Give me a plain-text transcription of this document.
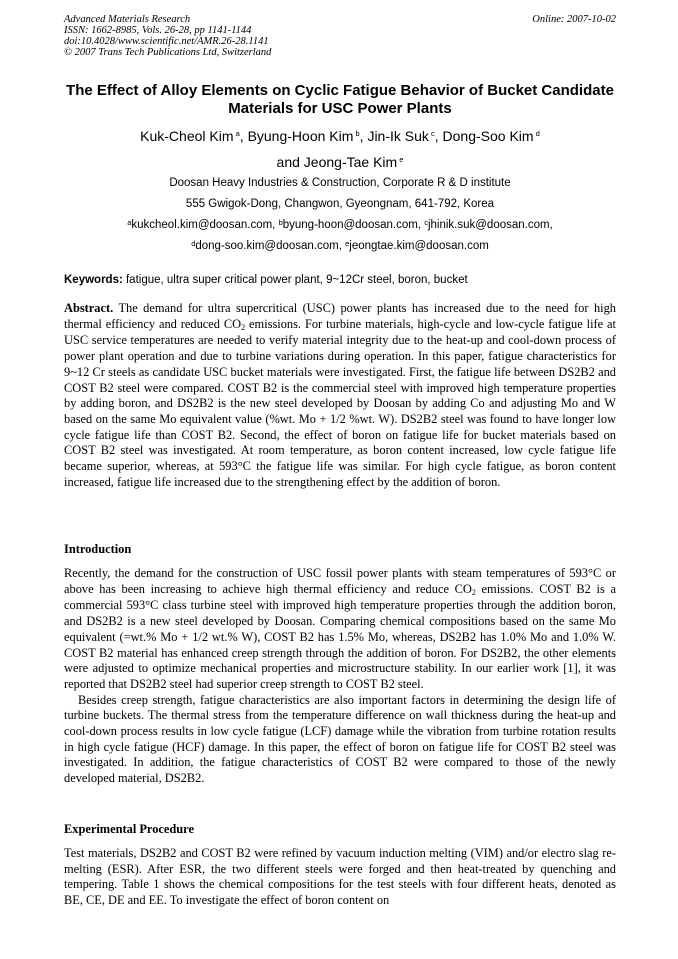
Advanced Materials Research
ISSN: 1662-8985, Vols. 26-28, pp 1141-1144
doi:10.4028/www.scientific.net/AMR.26-28.1141
© 2007 Trans Tech Publications Ltd, Switzerland
Online: 2007-10-02
The Effect of Alloy Elements on Cyclic Fatigue Behavior of Bucket Candidate Materials for USC Power Plants
Kuk-Cheol Kim $^a$, Byung-Hoon Kim $^b$, Jin-Ik Suk $^c$, Dong-Soo Kim $^d$
and Jeong-Tae Kim $^e$
Doosan Heavy Industries & Construction, Corporate R & D institute
555 Gwigok-Dong, Changwon, Gyeongnam, 641-792, Korea
$^a$kukcheol.kim@doosan.com, $^b$byung-hoon@doosan.com, $^c$jhinik.suk@doosan.com,
$^d$dong-soo.kim@doosan.com, $^e$jeongtae.kim@doosan.com
Keywords: fatigue, ultra super critical power plant, 9~12Cr steel, boron, bucket

Abstract. The demand for ultra supercritical (USC) power plants has increased due to the need for high thermal efficiency and reduced $CO_2$ emissions. For turbine materials, high-cycle and low-cycle fatigue life at USC service temperatures are needed to verify material integrity due to the heat-up and cool-down process of power plant operation and due to turbine variations during operation. In this paper, fatigue characteristics for 9~12 Cr steels as candidate USC bucket materials were investigated. First, the fatigue life between DS2B2 and COST B2 steel were compared. COST B2 is the commercial steel with improved high temperature properties by adding boron, and DS2B2 is the new steel developed by Doosan by adding Co and adjusting Mo and W based on the same Mo equivalent value (%wt. Mo + 1/2 %wt. W). DS2B2 steel was found to have longer low cycle fatigue life than COST B2. Second, the effect of boron on fatigue life for bucket materials based on COST B2 steel was investigated. At room temperature, as boron content increased, low cycle fatigue life became superior, whereas, at 593°C the fatigue life was similar. For high cycle fatigue, as boron content increased, fatigue life increased due to the strengthening effect by the addition of boron.

Introduction

Recently, the demand for the construction of USC fossil power plants with steam temperatures of 593°C or above has been increasing to achieve high thermal efficiency and reduce $CO_2$ emissions. COST B2 is a commercial 593°C class turbine steel with improved high temperature properties through the addition boron, and DS2B2 is a new steel developed by Doosan. Comparing chemical compositions based on the same Mo equivalent (=wt.% Mo + 1/2 wt.% W), COST B2 has 1.5% Mo, whereas, DS2B2 has 1.0% Mo and 1.0% W. COST B2 material has enhanced creep strength through the addition of boron. For DS2B2, the other elements were adjusted to optimize mechanical properties and microstructure stability. In our earlier work [1], it was reported that DS2B2 steel had superior creep strength to COST B2 steel.

Besides creep strength, fatigue characteristics are also important factors in determining the design life of turbine buckets. The thermal stress from the temperature difference on wall thickness during the heat-up and cool-down process results in low cycle fatigue (LCF) damage while the vibration from turbine rotation results in high cycle fatigue (HCF) damage. In this paper, the effect of boron on fatigue life for COST B2 steel was investigated. In addition, the fatigue characteristics of COST B2 were compared to those of the newly developed material, DS2B2.

Experimental Procedure

Test materials, DS2B2 and COST B2 were refined by vacuum induction melting (VIM) and/or electro slag re-melting (ESR). After ESR, the two different steels were forged and then heat-treated by quenching and tempering. Table 1 shows the chemical compositions for the test steels with four different heats, denoted as BE, CE, DE and EE. To investigate the effect of boron content on
